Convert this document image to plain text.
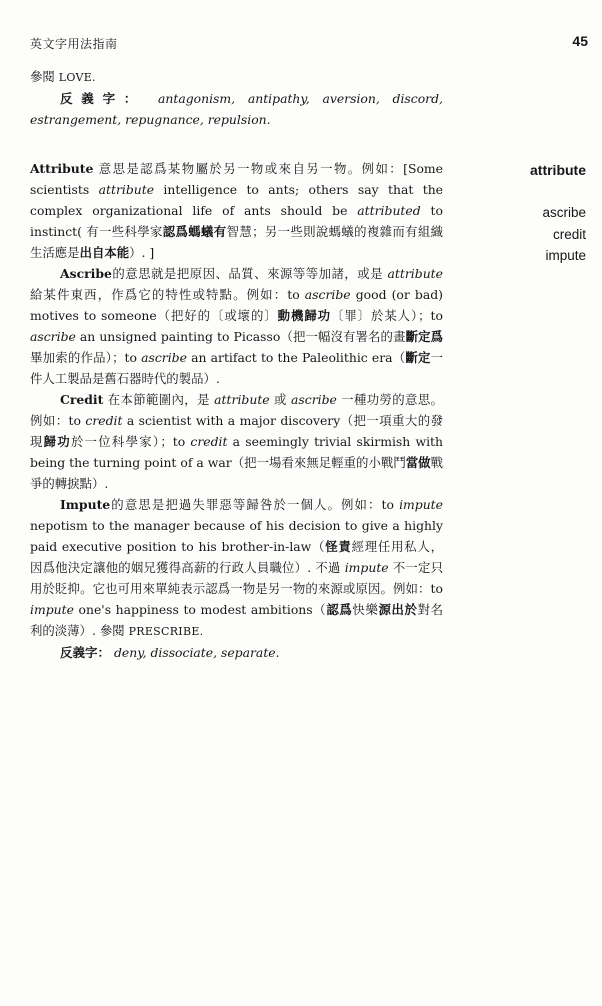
英文字用法指南	45

參閱 LOVE.

反義字： antagonism, antipathy, aversion, discord, estrangement, repugnance, repulsion.

Attribute 意思是認爲某物屬於另一物或來自另一物。例如：[Some scientists attribute intelligence to ants; others say that the complex organizational life of ants should be attributed to instinct( 有一些科學家認爲螞蟻有智慧；另一些則說螞蟻的複雜而有組織生活應是出自本能）. ]

Ascribe的意思就是把原因、品質、來源等等加諸，或是 attribute 給某件東西，作爲它的特性或特點。例如：to ascribe good (or bad) motives to someone（把好的〔或壞的〕動機歸功〔罪〕於某人）；to ascribe an unsigned painting to Picasso（把一幅沒有署名的畫斷定爲畢加索的作品）；to ascribe an artifact to the Paleolithic era（斷定一件人工製品是舊石器時代的製品）.

Credit 在本節範圍內，是 attribute 或 ascribe 一種功勞的意思。例如：to credit a scientist with a major discovery（把一項重大的發現歸功於一位科學家）；to credit a seemingly trivial skirmish with being the turning point of a war（把一場看來無足輕重的小戰鬥當做戰爭的轉捩點）.

Impute的意思是把過失罪惡等歸咎於一個人。例如：to impute nepotism to the manager because of his decision to give a highly paid executive position to his brother-in-law（怪責經理任用私人，因爲他決定讓他的姻兄獲得高薪的行政人員職位）. 不過 impute 不一定只用於貶抑。它也可用來單純表示認爲一物是另一物的來源或原因。例如：to impute one's happiness to modest ambitions（認爲快樂源出於對名利的淡薄）. 參閱 PRESCRIBE.

反義字： deny, dissociate, separate.

attribute
ascribe
credit
impute
